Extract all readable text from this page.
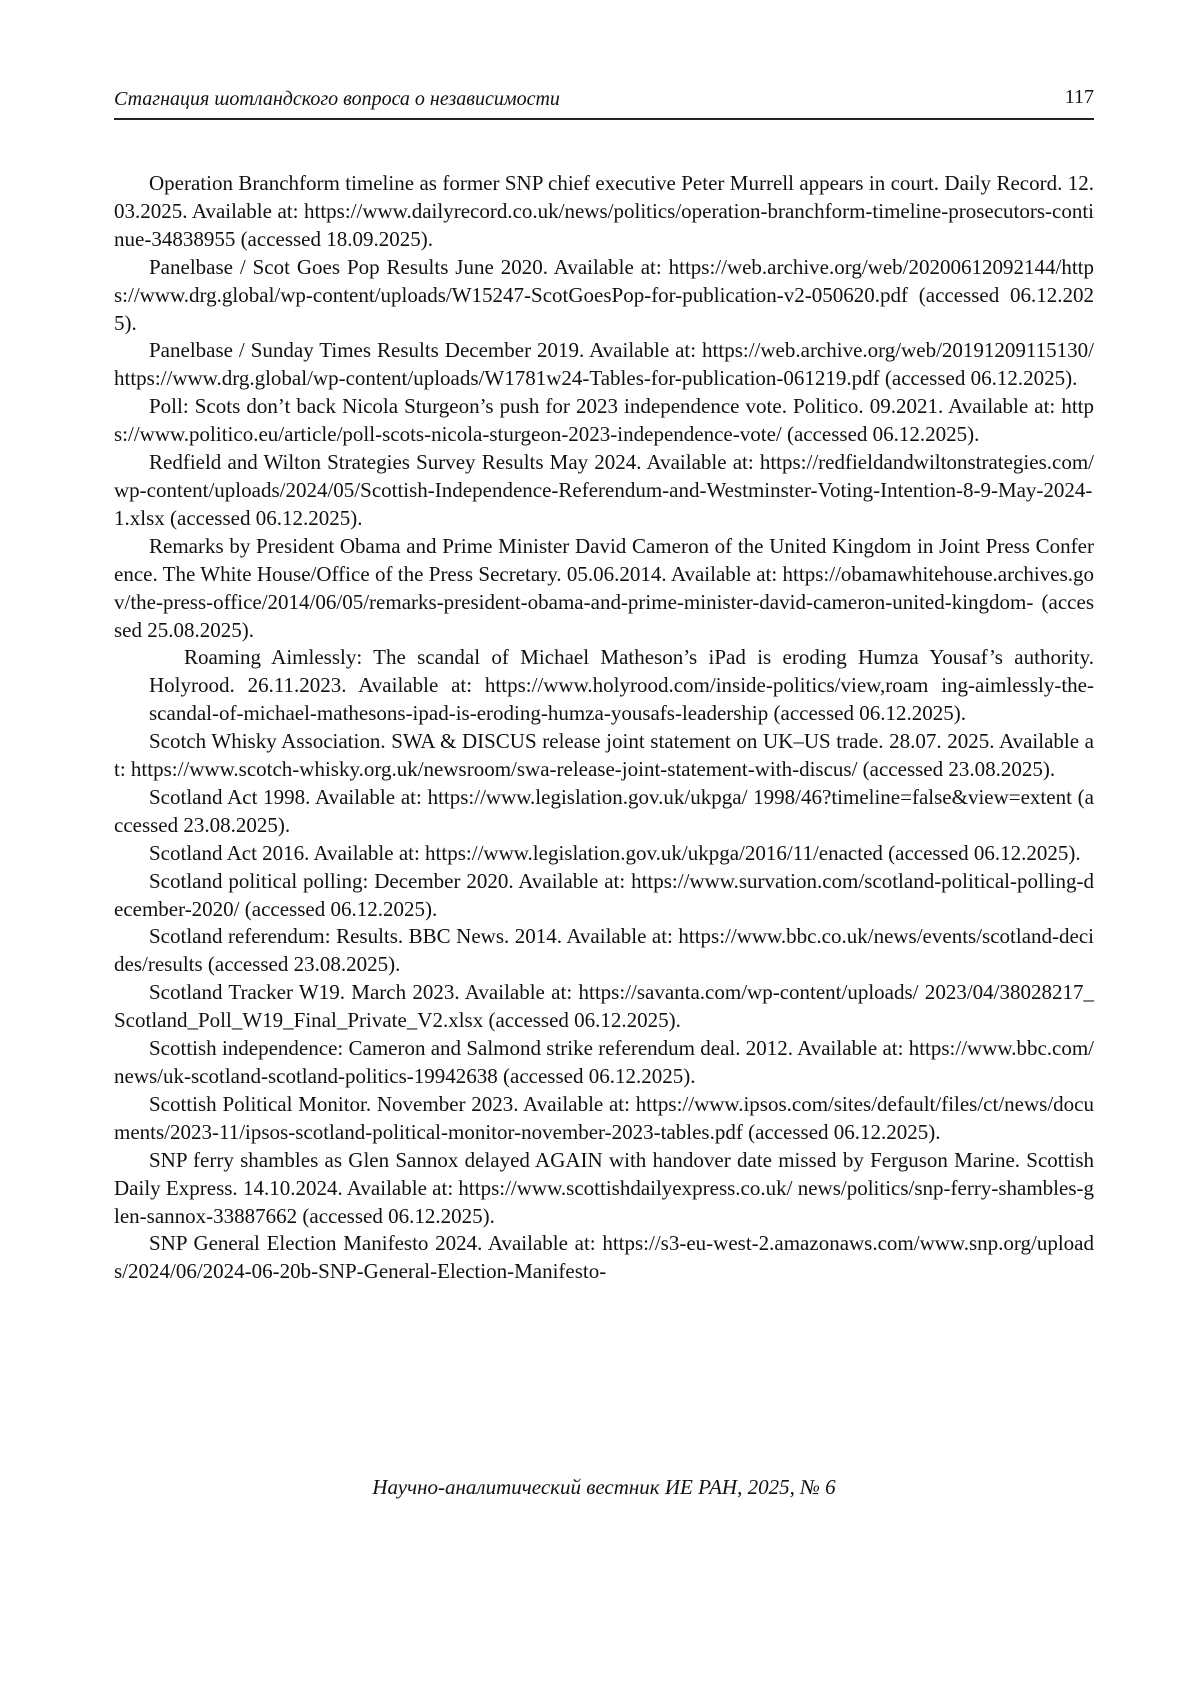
Стагнация шотландского вопроса о независимости	117

Operation Branchform timeline as former SNP chief executive Peter Murrell appears in court. Daily Record. 12.03.2025. Available at: https://www.dailyrecord.co.uk/news/politics/operation-branchform-timeline-prosecutors-continue-34838955 (accessed 18.09.2025).

Panelbase / Scot Goes Pop Results June 2020. Available at: https://web.archive.org/web/20200612092144/https://www.drg.global/wp-content/uploads/W15247-ScotGoesPop-for-publication-v2-050620.pdf (accessed 06.12.2025).

Panelbase / Sunday Times Results December 2019. Available at: https://web.archive.org/web/20191209115130/https://www.drg.global/wp-content/uploads/W1781w24-Tables-for-publication-061219.pdf (accessed 06.12.2025).

Poll: Scots don’t back Nicola Sturgeon’s push for 2023 independence vote. Politico. 09.2021. Available at: https://www.politico.eu/article/poll-scots-nicola-sturgeon-2023-independence-vote/ (accessed 06.12.2025).

Redfield and Wilton Strategies Survey Results May 2024. Available at: https://redfieldandwiltonstrategies.com/wp-content/uploads/2024/05/Scottish-Independence-Referendum-and-Westminster-Voting-Intention-8-9-May-2024-1.xlsx (accessed 06.12.2025).

Remarks by President Obama and Prime Minister David Cameron of the United Kingdom in Joint Press Conference. The White House/Office of the Press Secretary. 05.06.2014. Available at: https://obamawhitehouse.archives.gov/the-press-office/2014/06/05/remarks-president-obama-and-prime-minister-david-cameron-united-kingdom- (accessed 25.08.2025).

Roaming Aimlessly: The scandal of Michael Matheson’s iPad is eroding Humza Yousaf’s authority. Holyrood. 26.11.2023. Available at: https://www.holyrood.com/inside-politics/view,roam ing-aimlessly-the-scandal-of-michael-mathesons-ipad-is-eroding-humza-yousafs-leadership (accessed 06.12.2025).

Scotch Whisky Association. SWA & DISCUS release joint statement on UK–US trade. 28.07. 2025. Available at: https://www.scotch-whisky.org.uk/newsroom/swa-release-joint-statement-with-discus/ (accessed 23.08.2025).

Scotland Act 1998. Available at: https://www.legislation.gov.uk/ukpga/ 1998/46?timeline=false&view=extent (accessed 23.08.2025).

Scotland Act 2016. Available at: https://www.legislation.gov.uk/ukpga/2016/11/enacted (accessed 06.12.2025).

Scotland political polling: December 2020. Available at: https://www.survation.com/scotland-political-polling-december-2020/ (accessed 06.12.2025).

Scotland referendum: Results. BBC News. 2014. Available at: https://www.bbc.co.uk/news/events/scotland-decides/results (accessed 23.08.2025).

Scotland Tracker W19. March 2023. Available at: https://savanta.com/wp-content/uploads/ 2023/04/38028217_Scotland_Poll_W19_Final_Private_V2.xlsx (accessed 06.12.2025).

Scottish independence: Cameron and Salmond strike referendum deal. 2012. Available at: https://www.bbc.com/news/uk-scotland-scotland-politics-19942638 (accessed 06.12.2025).

Scottish Political Monitor. November 2023. Available at: https://www.ipsos.com/sites/default/files/ct/news/documents/2023-11/ipsos-scotland-political-monitor-november-2023-tables.pdf (accessed 06.12.2025).

SNP ferry shambles as Glen Sannox delayed AGAIN with handover date missed by Ferguson Marine. Scottish Daily Express. 14.10.2024. Available at: https://www.scottishdailyexpress.co.uk/ news/politics/snp-ferry-shambles-glen-sannox-33887662 (accessed 06.12.2025).

SNP General Election Manifesto 2024. Available at: https://s3-eu-west-2.amazonaws.com/www.snp.org/uploads/2024/06/2024-06-20b-SNP-General-Election-Manifesto-

Научно-аналитический вестник ИЕ РАН, 2025, № 6
